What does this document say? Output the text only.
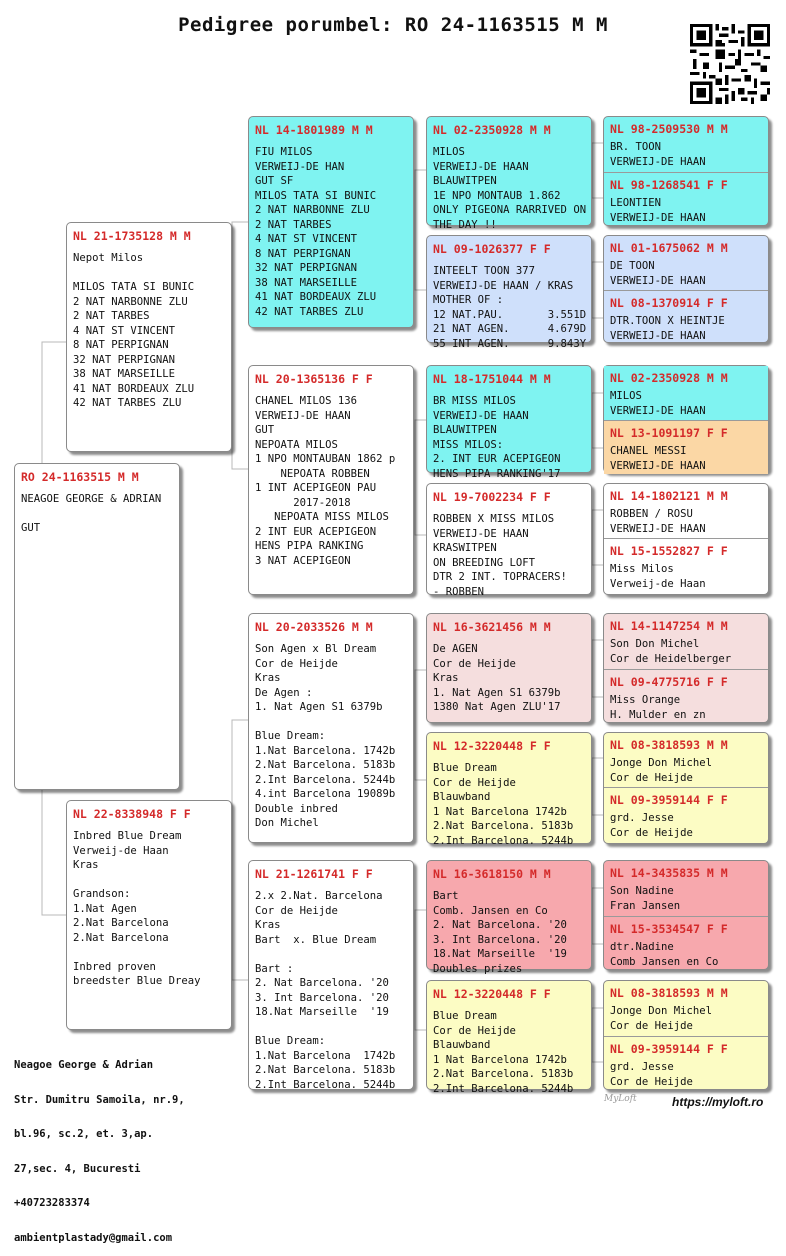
Pedigree porumbel: RO 24-1163515 M M
RO 24-1163515 M M
NEAGOE GEORGE & ADRIAN

GUT
NL 21-1735128 M M
Nepot Milos

MILOS TATA SI BUNIC
2 NAT NARBONNE ZLU
2 NAT TARBES
4 NAT ST VINCENT
8 NAT PERPIGNAN
32 NAT PERPIGNAN
38 NAT MARSEILLE
41 NAT BORDEAUX ZLU
42 NAT TARBES ZLU
NL 22-8338948 F F
Inbred Blue Dream
Verweij-de Haan
Kras

Grandson:
1.Nat Agen
2.Nat Barcelona
2.Nat Barcelona

Inbred proven
breedster Blue Dreay
NL 14-1801989 M M
FIU MILOS
VERWEIJ-DE HAN
GUT SF
MILOS TATA SI BUNIC
2 NAT NARBONNE ZLU
2 NAT TARBES
4 NAT ST VINCENT
8 NAT PERPIGNAN
32 NAT PERPIGNAN
38 NAT MARSEILLE
41 NAT BORDEAUX ZLU
42 NAT TARBES ZLU
NL 20-1365136 F F
CHANEL MILOS 136
VERWEIJ-DE HAAN
GUT
NEPOATA MILOS
1 NPO MONTAUBAN 1862 p
NEPOATA ROBBEN
1 INT ACEPIGEON PAU
2017-2018
NEPOATA MISS MILOS
2 INT EUR ACEPIGEON
HENS PIPA RANKING
3 NAT ACEPIGEON
NL 20-2033526 M M
Son Agen x Bl Dream
Cor de Heijde
Kras
De Agen :
1. Nat Agen S1 6379b

Blue Dream:
1.Nat Barcelona. 1742b
2.Nat Barcelona. 5183b
2.Int Barcelona. 5244b
4.int Barcelona 19089b
Double inbred
Don Michel
NL 21-1261741 F F
2.x 2.Nat. Barcelona
Cor de Heijde
Kras
Bart  x. Blue Dream

Bart :
2. Nat Barcelona. '20
3. Int Barcelona. '20
18.Nat Marseille  '19

Blue Dream:
1.Nat Barcelona  1742b
2.Nat Barcelona. 5183b
2.Int Barcelona. 5244b
NL 02-2350928 M M
MILOS
VERWEIJ-DE HAAN
BLAUWITPEN
1E NPO MONTAUB 1.862
ONLY PIGEONA RARRIVED ON
THE DAY !!
NL 09-1026377 F F
INTEELT TOON 377
VERWEIJ-DE HAAN / KRAS
MOTHER OF :
12 NAT.PAU.       3.551D
21 NAT AGEN.      4.679D
55 INT AGEN.      9.843Y
NL 18-1751044 M M
BR MISS MILOS
VERWEIJ-DE HAAN
BLAUWITPEN
MISS MILOS:
2. INT EUR ACEPIGEON
HENS PIPA RANKING'17
NL 19-7002234 F F
ROBBEN X MISS MILOS
VERWEIJ-DE HAAN
KRASWITPEN
ON BREEDING LOFT
DTR 2 INT. TOPRACERS!
- ROBBEN
NL 16-3621456 M M
De AGEN
Cor de Heijde
Kras
1. Nat Agen S1 6379b
1380 Nat Agen ZLU'17
NL 12-3220448 F F
Blue Dream
Cor de Heijde
Blauwband
1 Nat Barcelona 1742b
2.Nat Barcelona. 5183b
2.Int Barcelona. 5244b
NL 16-3618150 M M
Bart
Comb. Jansen en Co
2. Nat Barcelona. '20
3. Int Barcelona. '20
18.Nat Marseille  '19
Doubles prizes
NL 12-3220448 F F
Blue Dream
Cor de Heijde
Blauwband
1 Nat Barcelona 1742b
2.Nat Barcelona. 5183b
2.Int Barcelona. 5244b
NL 98-2509530 M M
BR. TOON
VERWEIJ-DE HAAN
NL 98-1268541 F F
LEONTIEN
VERWEIJ-DE HAAN
NL 01-1675062 M M
DE TOON
VERWEIJ-DE HAAN
NL 08-1370914 F F
DTR.TOON X HEINTJE
VERWEIJ-DE HAAN
NL 02-2350928 M M
MILOS
VERWEIJ-DE HAAN
NL 13-1091197 F F
CHANEL MESSI
VERWEIJ-DE HAAN
NL 14-1802121 M M
ROBBEN / ROSU
VERWEIJ-DE HAAN
NL 15-1552827 F F
Miss Milos
Verweij-de Haan
NL 14-1147254 M M
Son Don Michel
Cor de Heidelberger
NL 09-4775716 F F
Miss Orange
H. Mulder en zn
NL 08-3818593 M M
Jonge Don Michel
Cor de Heijde
NL 09-3959144 F F
grd. Jesse
Cor de Heijde
NL 14-3435835 M M
Son Nadine
Fran Jansen
NL 15-3534547 F F
dtr.Nadine
Comb Jansen en Co
NL 08-3818593 M M
Jonge Don Michel
Cor de Heijde
NL 09-3959144 F F
grd. Jesse
Cor de Heijde

Neagoe George & Adrian

Str. Dumitru Samoila, nr.9,

bl.96, sc.2, et. 3,ap.

27,sec. 4, Bucuresti

+40723283374

ambientplastady@gmail.com

MyLoft	https://myloft.ro
